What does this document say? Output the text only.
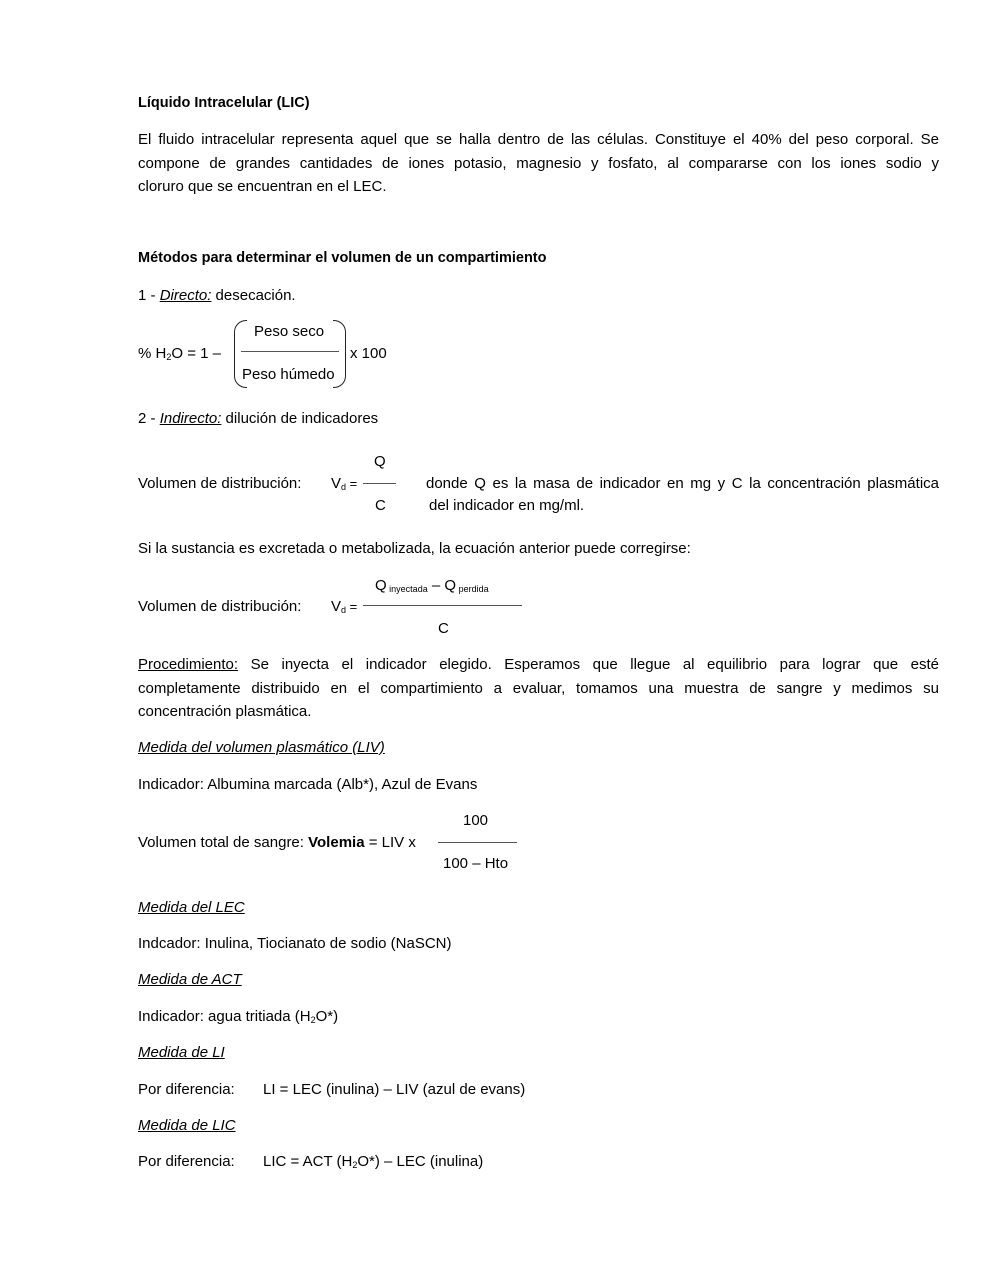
Líquido Intracelular (LIC)
El fluido intracelular representa aquel que se halla dentro de las células. Constituye el 40% del peso corporal. Se
compone de grandes cantidades de iones potasio, magnesio y fosfato, al compararse con los iones sodio y
cloruro que se encuentran en el LEC.
Métodos para determinar el volumen de un compartimiento
1 - Directo: desecación.
% $H_2O = 1$ –
Peso seco
Peso húmedo
x 100
2 - Indirecto: dilución de indicadores
Volumen de distribución: $V_d$ =
Q
C
donde Q es la masa de indicador en mg y C la concentración plasmática
del indicador en mg/ml.
Si la sustancia es excretada o metabolizada, la ecuación anterior puede corregirse:
Volumen de distribución: $V_d$ =
Q $_{inyectada}$ – Q $_{perdida}$
C
Procedimiento: Se inyecta el indicador elegido. Esperamos que llegue al equilibrio para lograr que esté
completamente distribuido en el compartimiento a evaluar, tomamos una muestra de sangre y medimos su
concentración plasmática.
Medida del volumen plasmático (LIV)
Indicador: Albumina marcada (Alb*), Azul de Evans
Volumen total de sangre: Volemia = LIV x
100
100 – Hto
Medida del LEC
Indcador: Inulina, Tiocianato de sodio (NaSCN)
Medida de ACT
Indicador: agua tritiada $(H_2O*)$
Medida de LI
Por diferencia: LI = LEC (inulina) – LIV (azul de evans)
Medida de LIC
Por diferencia: LIC = ACT $(H_2O*)$ – LEC (inulina)
